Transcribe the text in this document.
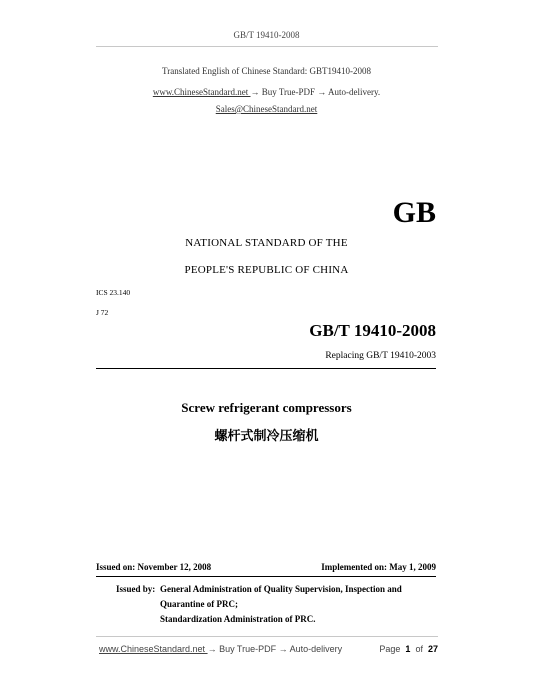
GB/T 19410-2008
Translated English of Chinese Standard: GBT19410-2008
www.ChineseStandard.net → Buy True-PDF → Auto-delivery.
Sales@ChineseStandard.net
GB
NATIONAL STANDARD OF THE
PEOPLE'S REPUBLIC OF CHINA
ICS 23.140
J 72
GB/T 19410-2008
Replacing GB/T 19410-2003
Screw refrigerant compressors
螺杆式制冷压缩机
Issued on: November 12, 2008	Implemented on: May 1, 2009
Issued by: General Administration of Quality Supervision, Inspection and
Quarantine of PRC;
Standardization Administration of PRC.
www.ChineseStandard.net → Buy True-PDF → Auto-delivery	Page 1 of 27
